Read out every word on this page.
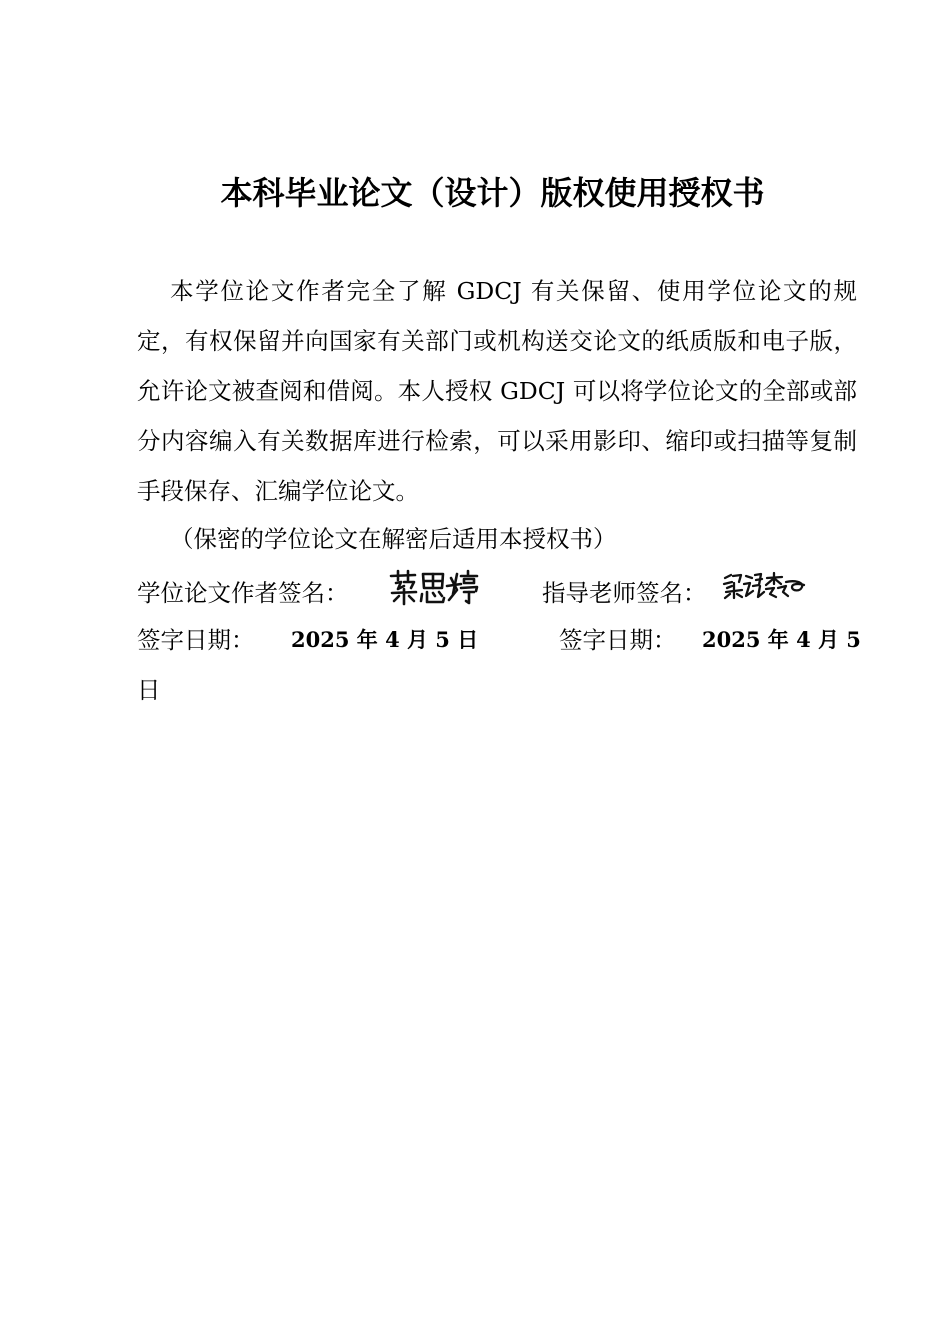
本科毕业论文（设计）版权使用授权书

本学位论文作者完全了解 GDCJ 有关保留、使用学位论文的规定，有权保留并向国家有关部门或机构送交论文的纸质版和电子版，允许论文被查阅和借阅。本人授权 GDCJ 可以将学位论文的全部或部分内容编入有关数据库进行检索，可以采用影印、缩印或扫描等复制手段保存、汇编学位论文。

（保密的学位论文在解密后适用本授权书）

学位论文作者签名：	指导老师签名：
签字日期： 2025 年 4 月 5 日	签字日期： 2025 年 4 月 5
日
